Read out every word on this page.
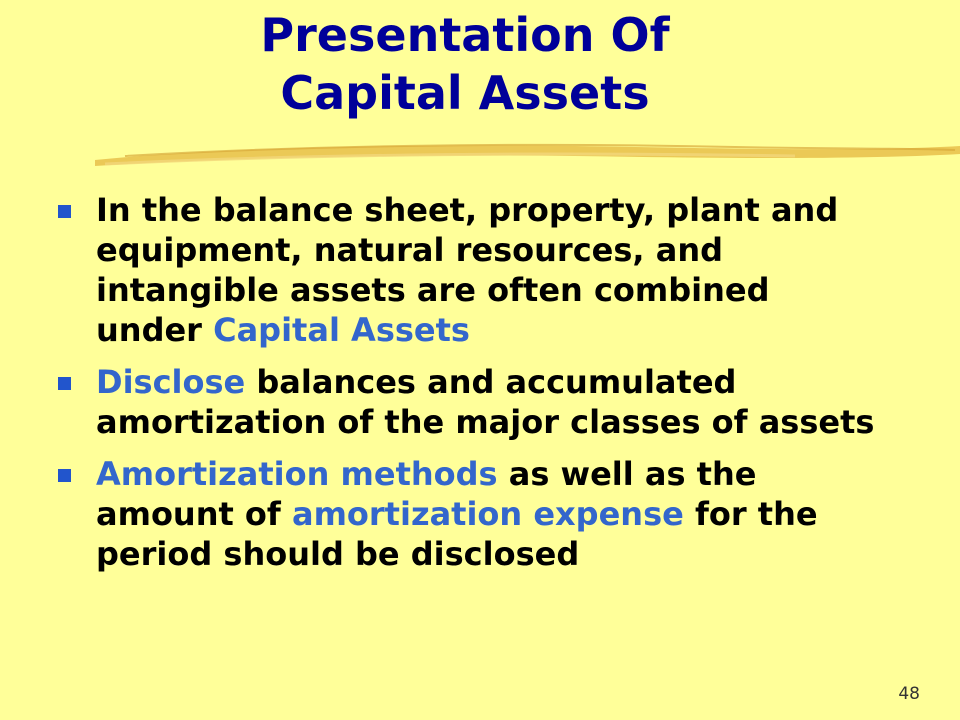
Presentation Of
Capital Assets
In the balance sheet, property, plant and equipment, natural resources, and intangible assets are often combined under Capital Assets
Disclose balances and accumulated amortization of the major classes of assets
Amortization methods as well as the amount of amortization expense for the period should be disclosed
48
